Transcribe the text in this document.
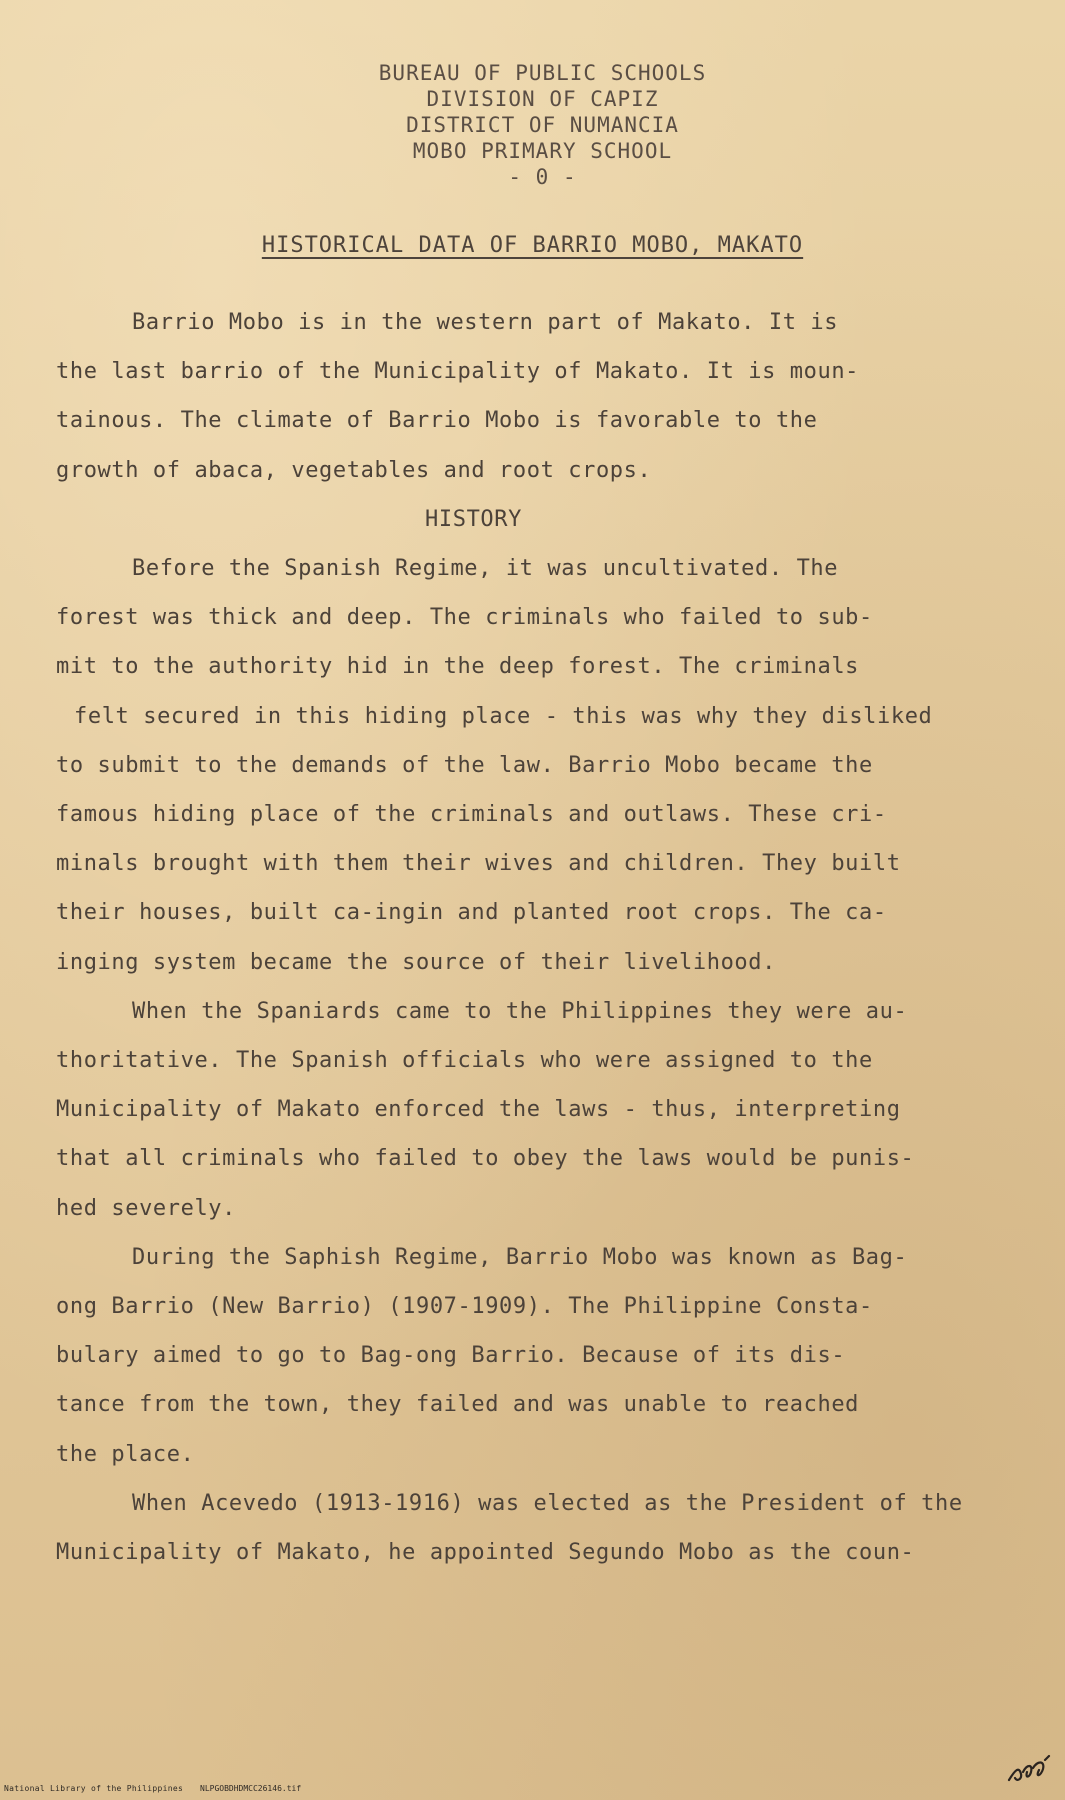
BUREAU OF PUBLIC SCHOOLS
DIVISION OF CAPIZ
DISTRICT OF NUMANCIA
MOBO PRIMARY SCHOOL
- 0 -
HISTORICAL DATA OF BARRIO MOBO, MAKATO

Barrio Mobo is in the western part of Makato. It is

the last barrio of the Municipality of Makato. It is moun-

tainous. The climate of Barrio Mobo is favorable to the

growth of abaca, vegetables and root crops.

HISTORY

Before the Spanish Regime, it was uncultivated. The

forest was thick and deep. The criminals who failed to sub-

mit to the authority hid in the deep forest. The criminals

felt secured in this hiding place - this was why they disliked

to submit to the demands of the law. Barrio Mobo became the

famous hiding place of the criminals and outlaws. These cri-

minals brought with them their wives and children. They built

their houses, built ca-ingin and planted root crops. The ca-

inging system became the source of their livelihood.

When the Spaniards came to the Philippines they were au-

thoritative. The Spanish officials who were assigned to the

Municipality of Makato enforced the laws - thus, interpreting

that all criminals who failed to obey the laws would be punis-

hed severely.

During the Saphish Regime, Barrio Mobo was known as Bag-

ong Barrio (New Barrio) (1907-1909). The Philippine Consta-

bulary aimed to go to Bag-ong Barrio. Because of its dis-

tance from the town, they failed and was unable to reached

the place.

When Acevedo (1913-1916) was elected as the President of the

Municipality of Makato, he appointed Segundo Mobo as the coun-

National Library of the Philippines NLPGOBDHDMCC26146.tif
